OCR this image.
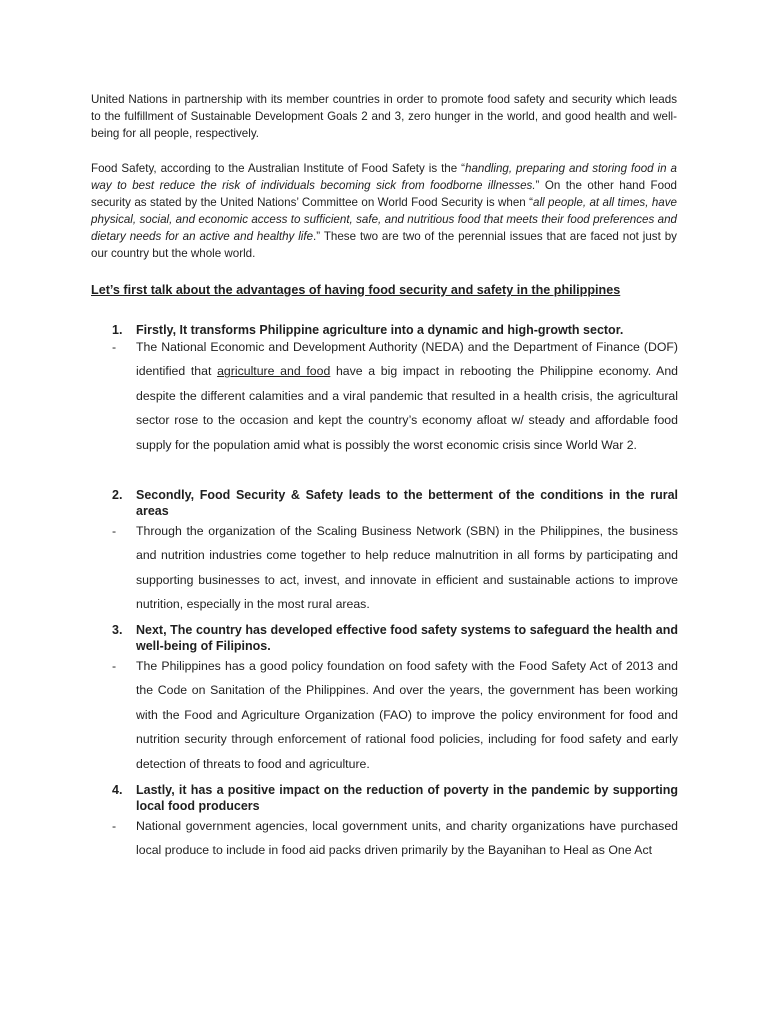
United Nations in partnership with its member countries in order to promote food safety and security which leads to the fulfillment of Sustainable Development Goals 2 and 3, zero hunger in the world, and good health and well-being for all people, respectively.

Food Safety, according to the Australian Institute of Food Safety is the “handling, preparing and storing food in a way to best reduce the risk of individuals becoming sick from foodborne illnesses.” On the other hand Food security as stated by the United Nations’ Committee on World Food Security is when “all people, at all times, have physical, social, and economic access to sufficient, safe, and nutritious food that meets their food preferences and dietary needs for an active and healthy life.” These two are two of the perennial issues that are faced not just by our country but the whole world.

Let’s first talk about the advantages of having food security and safety in the philippines

1. Firstly, It transforms Philippine agriculture into a dynamic and high-growth sector.
- The National Economic and Development Authority (NEDA) and the Department of Finance (DOF) identified that agriculture and food have a big impact in rebooting the Philippine economy. And despite the different calamities and a viral pandemic that resulted in a health crisis, the agricultural sector rose to the occasion and kept the country’s economy afloat w/ steady and affordable food supply for the population amid what is possibly the worst economic crisis since World War 2.
2. Secondly, Food Security & Safety leads to the betterment of the conditions in the rural areas
- Through the organization of the Scaling Business Network (SBN) in the Philippines, the business and nutrition industries come together to help reduce malnutrition in all forms by participating and supporting businesses to act, invest, and innovate in efficient and sustainable actions to improve nutrition, especially in the most rural areas.
3. Next, The country has developed effective food safety systems to safeguard the health and well-being of Filipinos.
- The Philippines has a good policy foundation on food safety with the Food Safety Act of 2013 and the Code on Sanitation of the Philippines. And over the years, the government has been working with the Food and Agriculture Organization (FAO) to improve the policy environment for food and nutrition security through enforcement of rational food policies, including for food safety and early detection of threats to food and agriculture.
4. Lastly, it has a positive impact on the reduction of poverty in the pandemic by supporting local food producers
- National government agencies, local government units, and charity organizations have purchased local produce to include in food aid packs driven primarily by the Bayanihan to Heal as One Act
